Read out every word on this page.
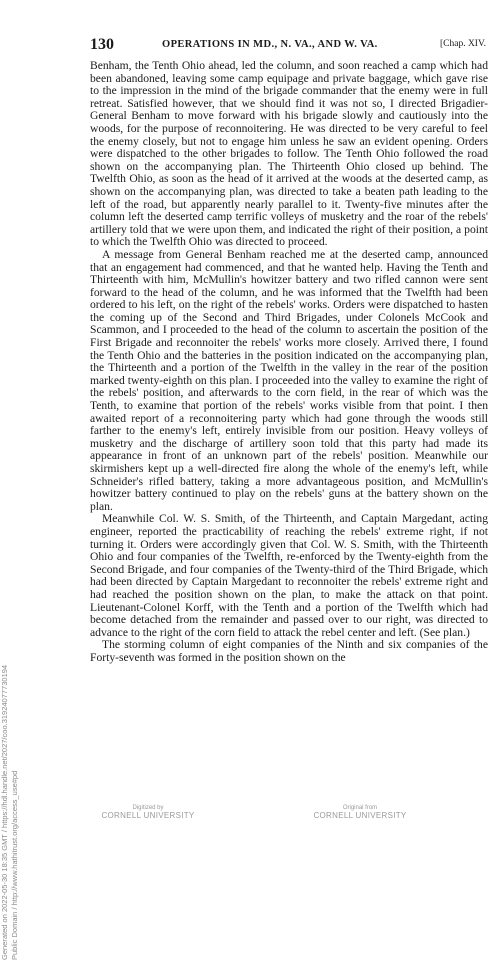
130	OPERATIONS IN MD., N. VA., AND W. VA.	[Chap. XIV.

Benham, the Tenth Ohio ahead, led the column, and soon reached a camp which had been abandoned, leaving some camp equipage and private baggage, which gave rise to the impression in the mind of the brigade commander that the enemy were in full retreat. Satisfied however, that we should find it was not so, I directed Brigadier-General Benham to move forward with his brigade slowly and cautiously into the woods, for the purpose of reconnoitering. He was directed to be very careful to feel the enemy closely, but not to engage him unless he saw an evident opening. Orders were dispatched to the other brigades to follow. The Tenth Ohio followed the road shown on the accompanying plan. The Thirteenth Ohio closed up behind. The Twelfth Ohio, as soon as the head of it arrived at the woods at the deserted camp, as shown on the accompanying plan, was directed to take a beaten path leading to the left of the road, but apparently nearly parallel to it. Twenty-five minutes after the column left the deserted camp terrific volleys of musketry and the roar of the rebels' artillery told that we were upon them, and indicated the right of their position, a point to which the Twelfth Ohio was directed to proceed.

A message from General Benham reached me at the deserted camp, announced that an engagement had commenced, and that he wanted help. Having the Tenth and Thirteenth with him, McMullin's howitzer battery and two rifled cannon were sent forward to the head of the column, and he was informed that the Twelfth had been ordered to his left, on the right of the rebels' works. Orders were dispatched to hasten the coming up of the Second and Third Brigades, under Colonels McCook and Scammon, and I proceeded to the head of the column to ascertain the position of the First Brigade and reconnoiter the rebels' works more closely. Arrived there, I found the Tenth Ohio and the batteries in the position indicated on the accompanying plan, the Thirteenth and a portion of the Twelfth in the valley in the rear of the position marked twenty-eighth on this plan. I proceeded into the valley to examine the right of the rebels' position, and afterwards to the corn field, in the rear of which was the Tenth, to examine that portion of the rebels' works visible from that point. I then awaited report of a reconnoitering party which had gone through the woods still farther to the enemy's left, entirely invisible from our position. Heavy volleys of musketry and the discharge of artillery soon told that this party had made its appearance in front of an unknown part of the rebels' position. Meanwhile our skirmishers kept up a well-directed fire along the whole of the enemy's left, while Schneider's rifled battery, taking a more advantageous position, and McMullin's howitzer battery continued to play on the rebels' guns at the battery shown on the plan.

Meanwhile Col. W. S. Smith, of the Thirteenth, and Captain Margedant, acting engineer, reported the practicability of reaching the rebels' extreme right, if not turning it. Orders were accordingly given that Col. W. S. Smith, with the Thirteenth Ohio and four companies of the Twelfth, re-enforced by the Twenty-eighth from the Second Brigade, and four companies of the Twenty-third of the Third Brigade, which had been directed by Captain Margedant to reconnoiter the rebels' extreme right and had reached the position shown on the plan, to make the attack on that point. Lieutenant-Colonel Korff, with the Tenth and a portion of the Twelfth which had become detached from the remainder and passed over to our right, was directed to advance to the right of the corn field to attack the rebel center and left. (See plan.)

The storming column of eight companies of the Ninth and six companies of the Forty-seventh was formed in the position shown on the

Generated on 2022-05-30 18:35 GMT / https://hdl.handle.net/2027/coo.31924077730194 Public Domain / http://www.hathitrust.org/access_use#pd	Digitized by
CORNELL UNIVERSITY
Original from
CORNELL UNIVERSITY
